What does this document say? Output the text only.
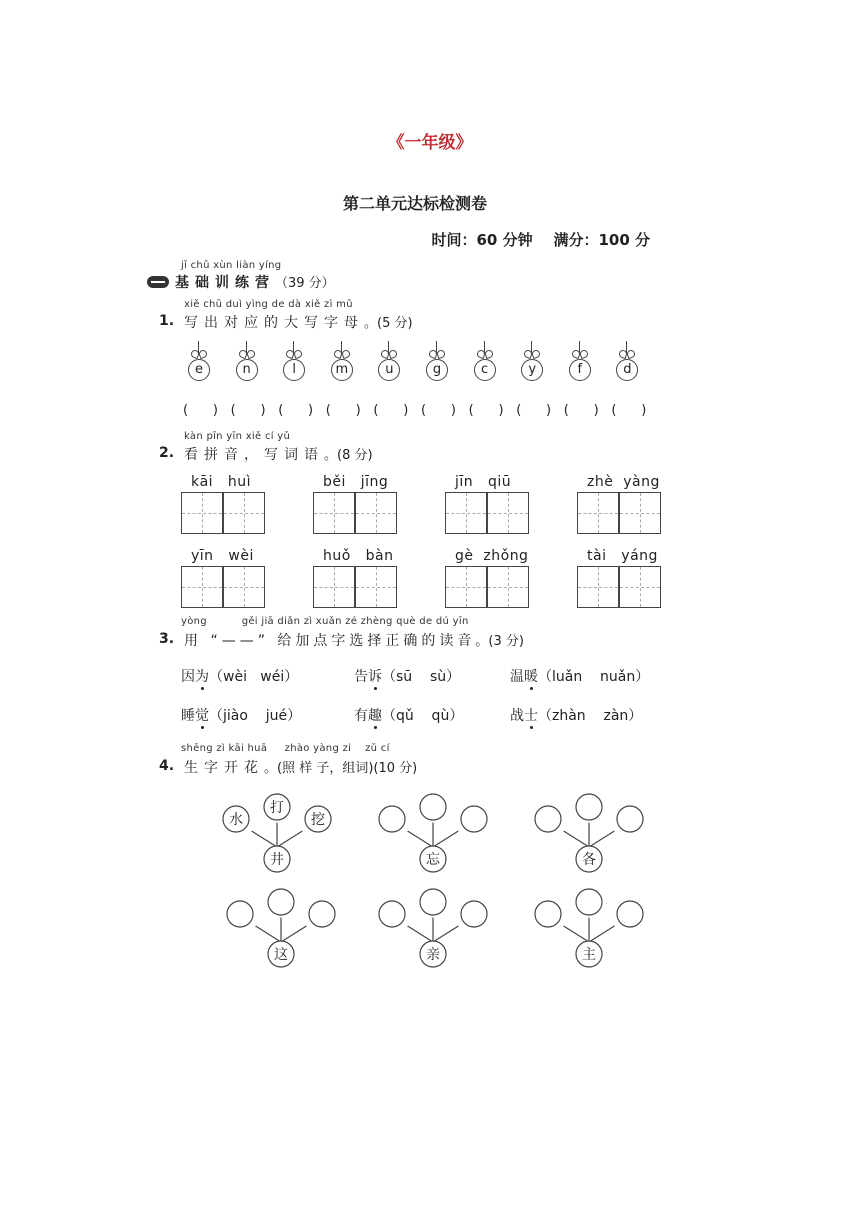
《一年级》
第二单元达标检测卷
时间：60 分钟    满分：100 分
jī chǔ xùn liàn yíng
基础训练营（39 分）
xiě chū duì yìng de dà xiě zì mǔ
1. 写出对应的大写字母。(5 分)
e	n	l	m	u	g	c	y	f	d
(      ) (      ) (      ) (      ) (      ) (      ) (      ) (      ) (      ) (      )
kàn pīn yīn xiě cí yǔ
2. 看拼音，写词语。(8 分)
kāi   huì	běi   jīng	jīn   qiū	zhè  yàng
yīn   wèi	huǒ   bàn	gè  zhǒng	tài   yáng
yòng          gěi jiā diǎn zì xuǎn zé zhèng què de dú yīn
3. 用 “——” 给加点字选择正确的读音。(3 分)
因为（wèi   wéi）	告诉（sū    sù）	温暖（luǎn    nuǎn）
睡觉（jiào    jué）	有趣（qǔ    qù）	战士（zhàn    zàn）
shēng zì kāi huā     zhào yàng zi    zǔ cí
4. 生字开花。(照 样 子，组词)(10 分)
水
打
挖
井	忘	各
这	亲	主
